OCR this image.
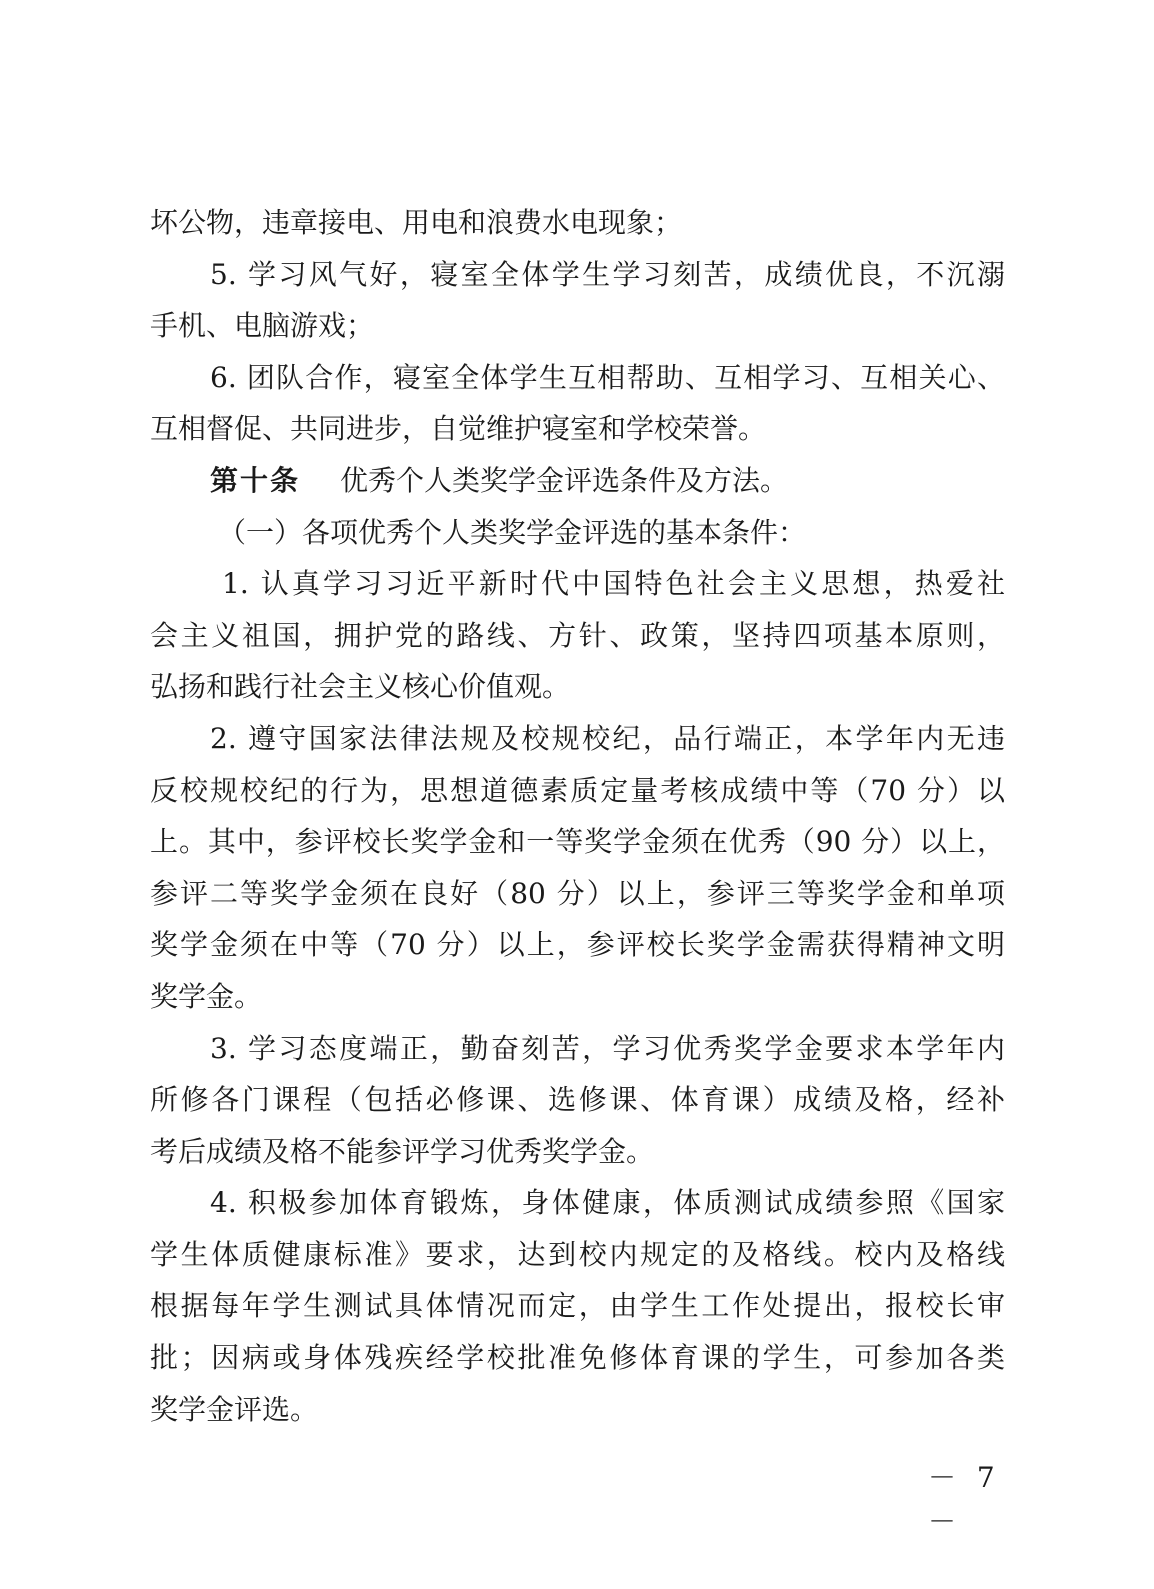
坏公物，违章接电、用电和浪费水电现象；
5. 学习风气好，寝室全体学生学习刻苦，成绩优良，不沉溺
手机、电脑游戏；
6. 团队合作，寝室全体学生互相帮助、互相学习、互相关心、
互相督促、共同进步，自觉维护寝室和学校荣誉。
第十条 优秀个人类奖学金评选条件及方法。
（一）各项优秀个人类奖学金评选的基本条件：
1. 认真学习习近平新时代中国特色社会主义思想，热爱社
会主义祖国，拥护党的路线、方针、政策，坚持四项基本原则，
弘扬和践行社会主义核心价值观。
2. 遵守国家法律法规及校规校纪，品行端正，本学年内无违
反校规校纪的行为，思想道德素质定量考核成绩中等（70 分）以
上。其中，参评校长奖学金和一等奖学金须在优秀（90 分）以上，
参评二等奖学金须在良好（80 分）以上，参评三等奖学金和单项
奖学金须在中等（70 分）以上，参评校长奖学金需获得精神文明
奖学金。
3. 学习态度端正，勤奋刻苦，学习优秀奖学金要求本学年内
所修各门课程（包括必修课、选修课、体育课）成绩及格，经补
考后成绩及格不能参评学习优秀奖学金。
4. 积极参加体育锻炼，身体健康，体质测试成绩参照《国家
学生体质健康标准》要求，达到校内规定的及格线。校内及格线
根据每年学生测试具体情况而定，由学生工作处提出，报校长审
批；因病或身体残疾经学校批准免修体育课的学生，可参加各类
奖学金评选。
－ 7 －
